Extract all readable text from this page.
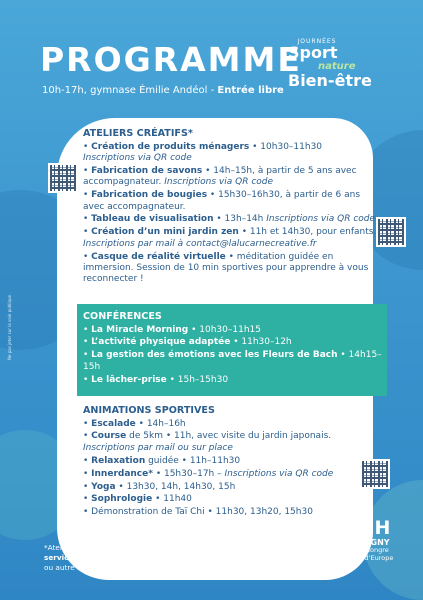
PROGRAMME
10h-17h, gymnase Émilie Andéol - Entrée libre
JOURNÉES
Sport
nature
Bien-être
ATELIERS CRÉATIFS*
• Création de produits ménagers • 10h30–11h30
Inscriptions via QR code
• Fabrication de savons • 14h–15h, à partir de 5 ans avec accompagnateur. Inscriptions via QR code
• Fabrication de bougies • 15h30–16h30, à partir de 6 ans avec accompagnateur.
• Tableau de visualisation • 13h–14h Inscriptions via QR code
• Création d’un mini jardin zen • 11h et 14h30, pour enfants.
Inscriptions par mail à contact@lalucarnecreative.fr
• Casque de réalité virtuelle • méditation guidée en immersion. Session de 10 min sportives pour apprendre à vous reconnecter !
CONFÉRENCES
• La Miracle Morning • 10h30–11h15
• L’activité physique adaptée • 11h30–12h
• La gestion des émotions avec les Fleurs de Bach • 14h15–15h
• Le lâcher-prise • 15h–15h30
ANIMATIONS SPORTIVES
• Escalade • 14h–16h
• Course de 5km • 11h, avec visite du jardin japonais.
Inscriptions par mail ou sur place
• Relaxation guidée • 11h–11h30
• Innerdance* • 15h30–17h – Inscriptions via QR code
• Yoga • 13h30, 14h, 14h30, 15h
• Sophrologie • 11h40
• Démonstration de Taï Chi • 11h30, 13h20, 15h30
*Ateliers gratuits sur inscription à
service-festivite@magnylehongre.fr
ou autre lien indiqué
MH
MAGNY
le Hongre
Val d’Europe
Ne pas jeter sur la voie publique
